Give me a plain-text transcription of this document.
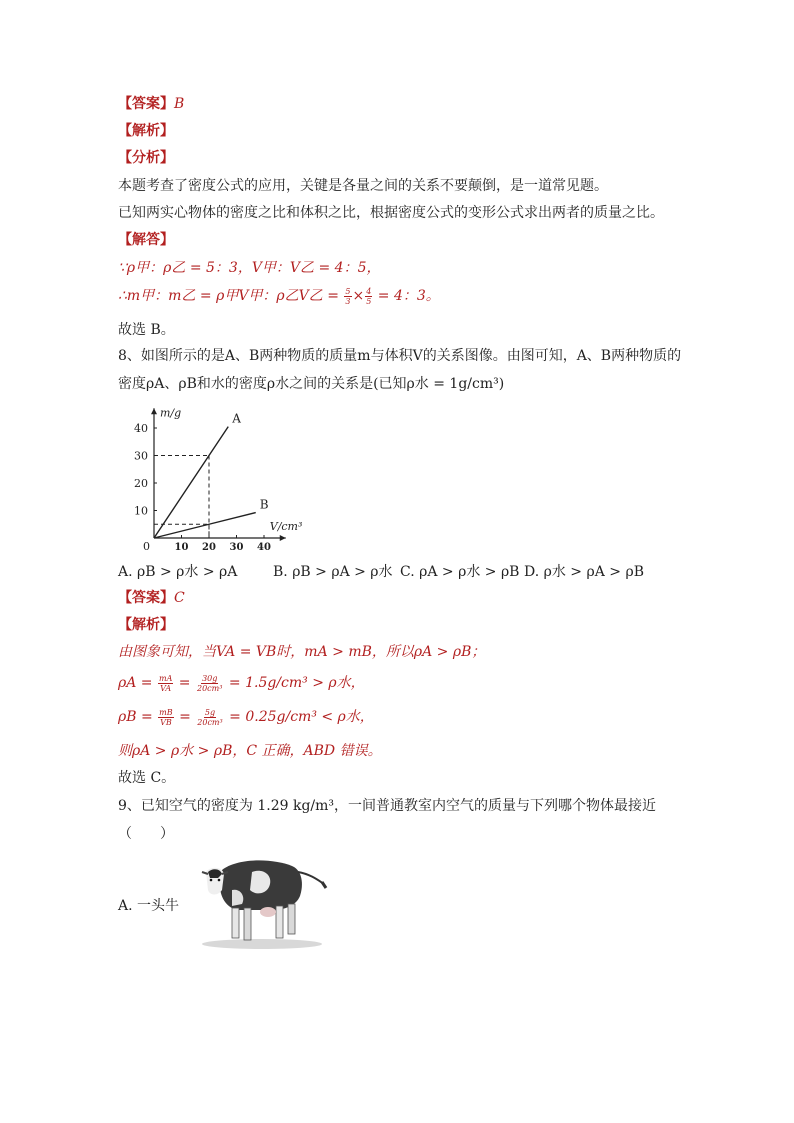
【答案】B
【解析】
【分析】
本题考查了密度公式的应用，关键是各量之间的关系不要颠倒，是一道常见题。
已知两实心物体的密度之比和体积之比，根据密度公式的变形公式求出两者的质量之比。
【解答】
∵ρ甲：ρ乙 = 5：3，V甲：V乙 = 4：5，
∴m甲：m乙 = ρ甲V甲：ρ乙V乙 = $\frac{5}{3} \times \frac{4}{5} = 4$：3。
故选 B。
8、如图所示的是A、B两种物质的质量m与体积V的关系图像。由图可知，A、B两种物质的
密度ρA、ρB和水的密度ρ水之间的关系是(已知ρ水 = 1g/cm³)
10 20 30 40
10
20
30
40
0
V/cm³
m/g	A
B
A. ρB > ρ水 > ρA	B. ρB > ρA > ρ水 C. ρA > ρ水 > ρB D. ρ水 > ρA > ρB
【答案】C
【解析】
由图象可知，当VA = VB时，mA > mB，所以ρA > ρB；
$\rho A = \frac{mA}{VA} = \frac{30g}{\text{20cm³}} = 1.5g/cm^3 > \rho$水，
$\rho B = \frac{mB}{VB} = \frac{5g}{\text{20cm³}} = 0.25g/cm^3 < \rho$水，
则ρA > ρ水 > ρB，C 正确，ABD 错误。
故选 C。
9、已知空气的密度为 1.29 kg/m³，一间普通教室内空气的质量与下列哪个物体最接近
（　　）
A. 一头牛
